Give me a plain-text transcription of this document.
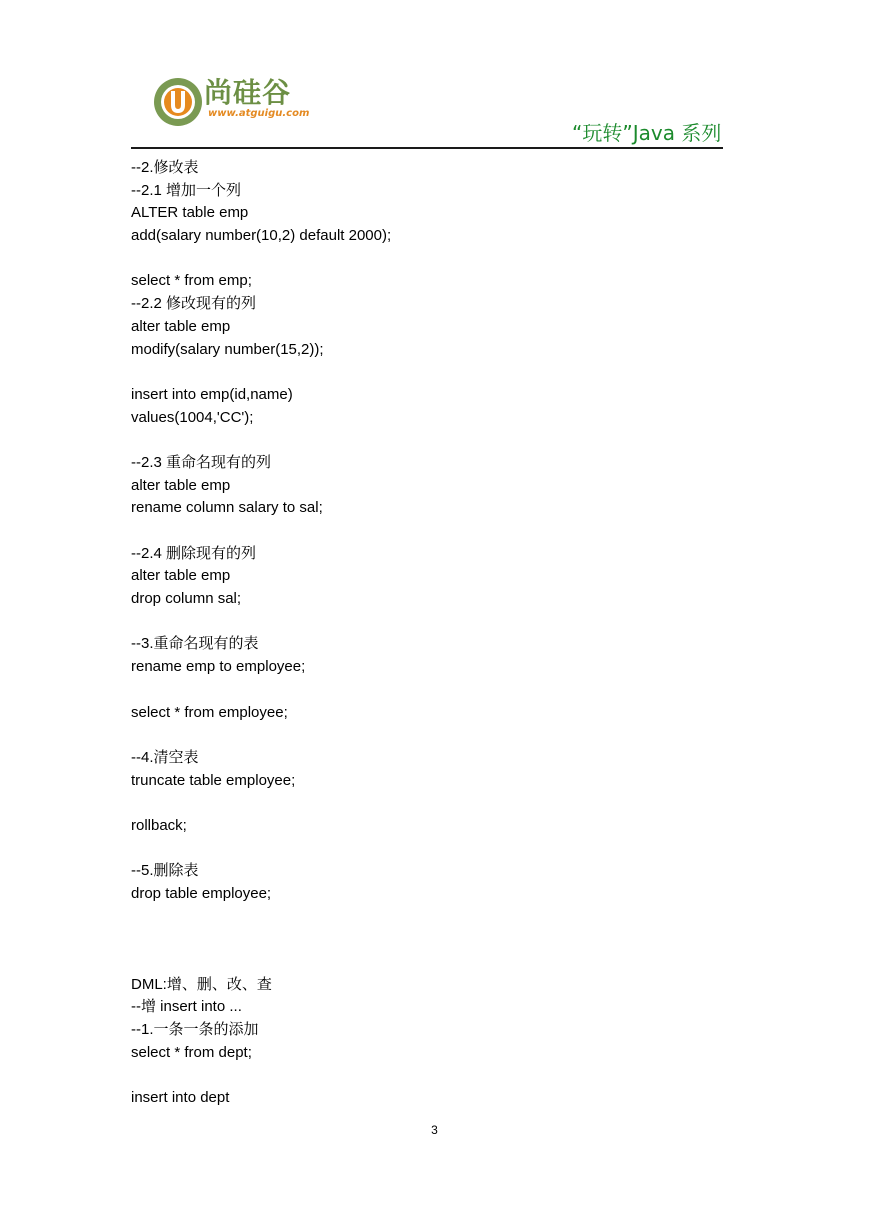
尚硅谷
www.atguigu.com
“玩转”Java 系列
--2.修改表
--2.1 增加一个列
ALTER table emp
add(salary number(10,2) default 2000);
select * from emp;
--2.2 修改现有的列
alter table emp
modify(salary number(15,2));
insert into emp(id,name)
values(1004,'CC');
--2.3 重命名现有的列
alter table emp
rename column salary to sal;
--2.4 删除现有的列
alter table emp
drop column sal;
--3.重命名现有的表
rename emp to employee;
select * from employee;
--4.清空表
truncate table employee;
rollback;
--5.删除表
drop table employee;
DML:增、删、改、查
--增 insert into ...
--1.一条一条的添加
select * from dept;
insert into dept
3
